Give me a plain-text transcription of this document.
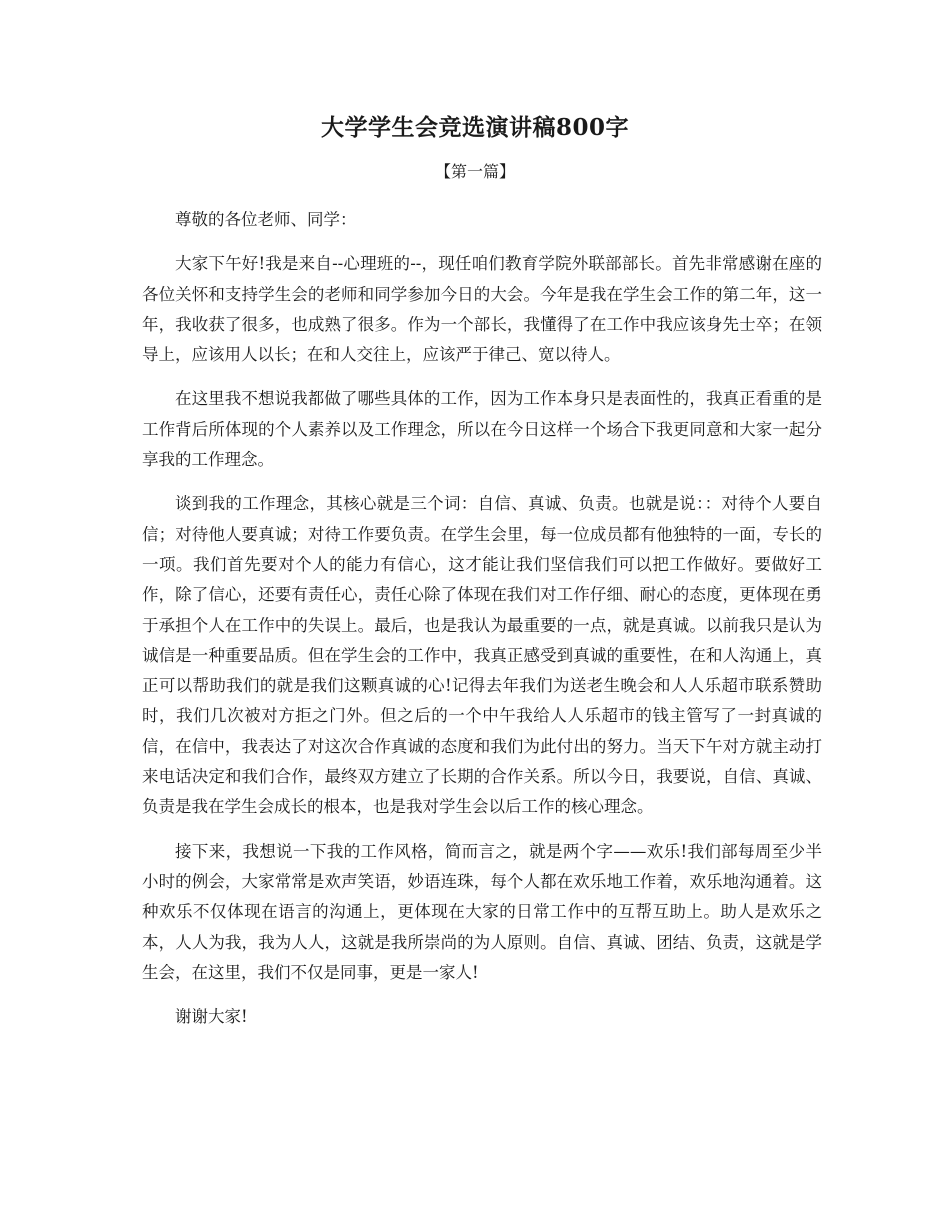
大学学生会竞选演讲稿800字
【第一篇】

尊敬的各位老师、同学：

大家下午好!我是来自--心理班的--，现任咱们教育学院外联部部长。首先非常感谢在座的各位关怀和支持学生会的老师和同学参加今日的大会。今年是我在学生会工作的第二年，这一年，我收获了很多，也成熟了很多。作为一个部长，我懂得了在工作中我应该身先士卒；在领导上，应该用人以长；在和人交往上，应该严于律己、宽以待人。

在这里我不想说我都做了哪些具体的工作，因为工作本身只是表面性的，我真正看重的是工作背后所体现的个人素养以及工作理念，所以在今日这样一个场合下我更同意和大家一起分享我的工作理念。

谈到我的工作理念，其核心就是三个词：自信、真诚、负责。也就是说：：对待个人要自信；对待他人要真诚；对待工作要负责。在学生会里，每一位成员都有他独特的一面，专长的一项。我们首先要对个人的能力有信心，这才能让我们坚信我们可以把工作做好。要做好工作，除了信心，还要有责任心，责任心除了体现在我们对工作仔细、耐心的态度，更体现在勇于承担个人在工作中的失误上。最后，也是我认为最重要的一点，就是真诚。以前我只是认为诚信是一种重要品质。但在学生会的工作中，我真正感受到真诚的重要性，在和人沟通上，真正可以帮助我们的就是我们这颗真诚的心!记得去年我们为送老生晚会和人人乐超市联系赞助时，我们几次被对方拒之门外。但之后的一个中午我给人人乐超市的钱主管写了一封真诚的信，在信中，我表达了对这次合作真诚的态度和我们为此付出的努力。当天下午对方就主动打来电话决定和我们合作，最终双方建立了长期的合作关系。所以今日，我要说，自信、真诚、负责是我在学生会成长的根本，也是我对学生会以后工作的核心理念。

接下来，我想说一下我的工作风格，简而言之，就是两个字——欢乐!我们部每周至少半小时的例会，大家常常是欢声笑语，妙语连珠，每个人都在欢乐地工作着，欢乐地沟通着。这种欢乐不仅体现在语言的沟通上，更体现在大家的日常工作中的互帮互助上。助人是欢乐之本，人人为我，我为人人，这就是我所崇尚的为人原则。自信、真诚、团结、负责，这就是学生会，在这里，我们不仅是同事，更是一家人!

谢谢大家!
